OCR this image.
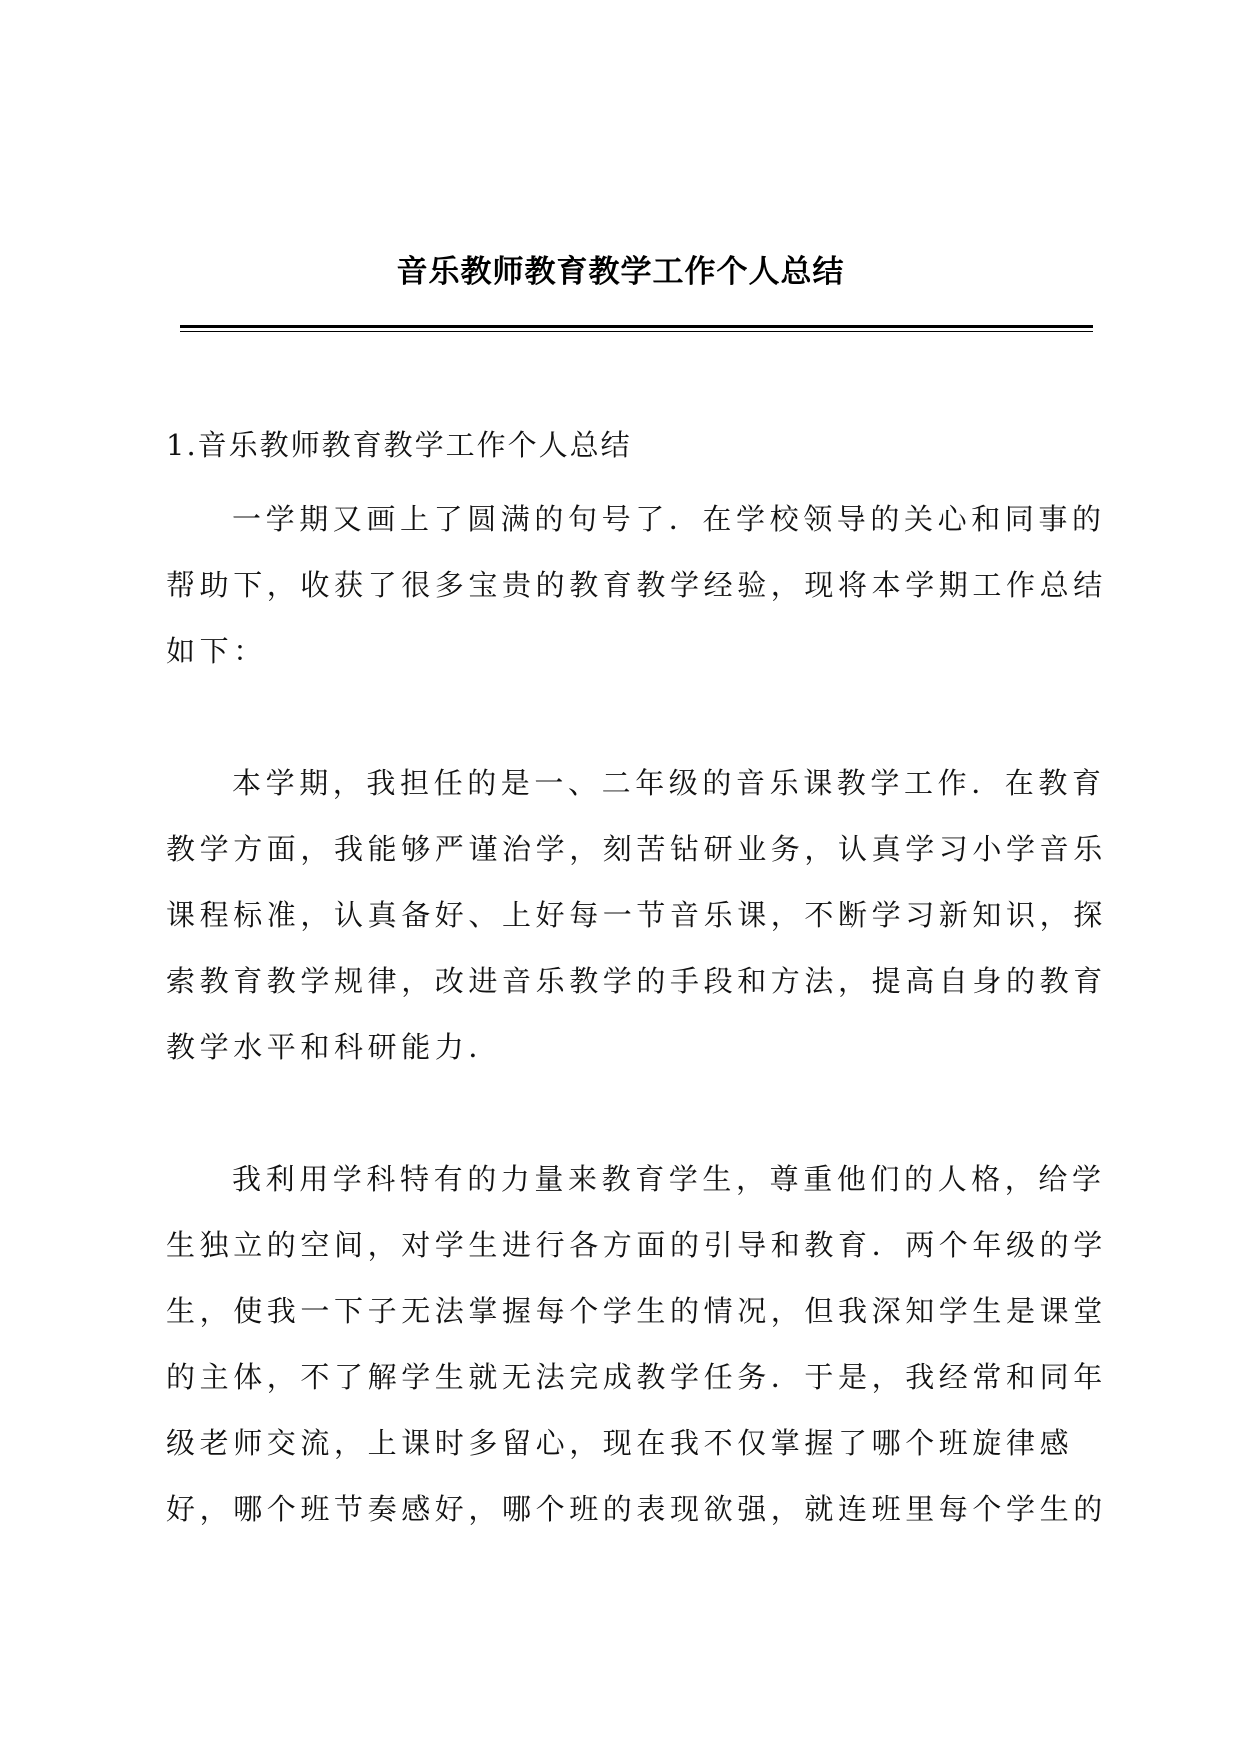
音乐教师教育教学工作个人总结
1.音乐教师教育教学工作个人总结
一学期又画上了圆满的句号了．在学校领导的关心和同事的
帮助下，收获了很多宝贵的教育教学经验，现将本学期工作总结
如下：
本学期，我担任的是一、二年级的音乐课教学工作．在教育
教学方面，我能够严谨治学，刻苦钻研业务，认真学习小学音乐
课程标准，认真备好、上好每一节音乐课，不断学习新知识，探
索教育教学规律，改进音乐教学的手段和方法，提高自身的教育
教学水平和科研能力．
我利用学科特有的力量来教育学生，尊重他们的人格，给学
生独立的空间，对学生进行各方面的引导和教育．两个年级的学
生，使我一下子无法掌握每个学生的情况，但我深知学生是课堂
的主体，不了解学生就无法完成教学任务．于是，我经常和同年
级老师交流，上课时多留心，现在我不仅掌握了哪个班旋律感
好，哪个班节奏感好，哪个班的表现欲强，就连班里每个学生的
